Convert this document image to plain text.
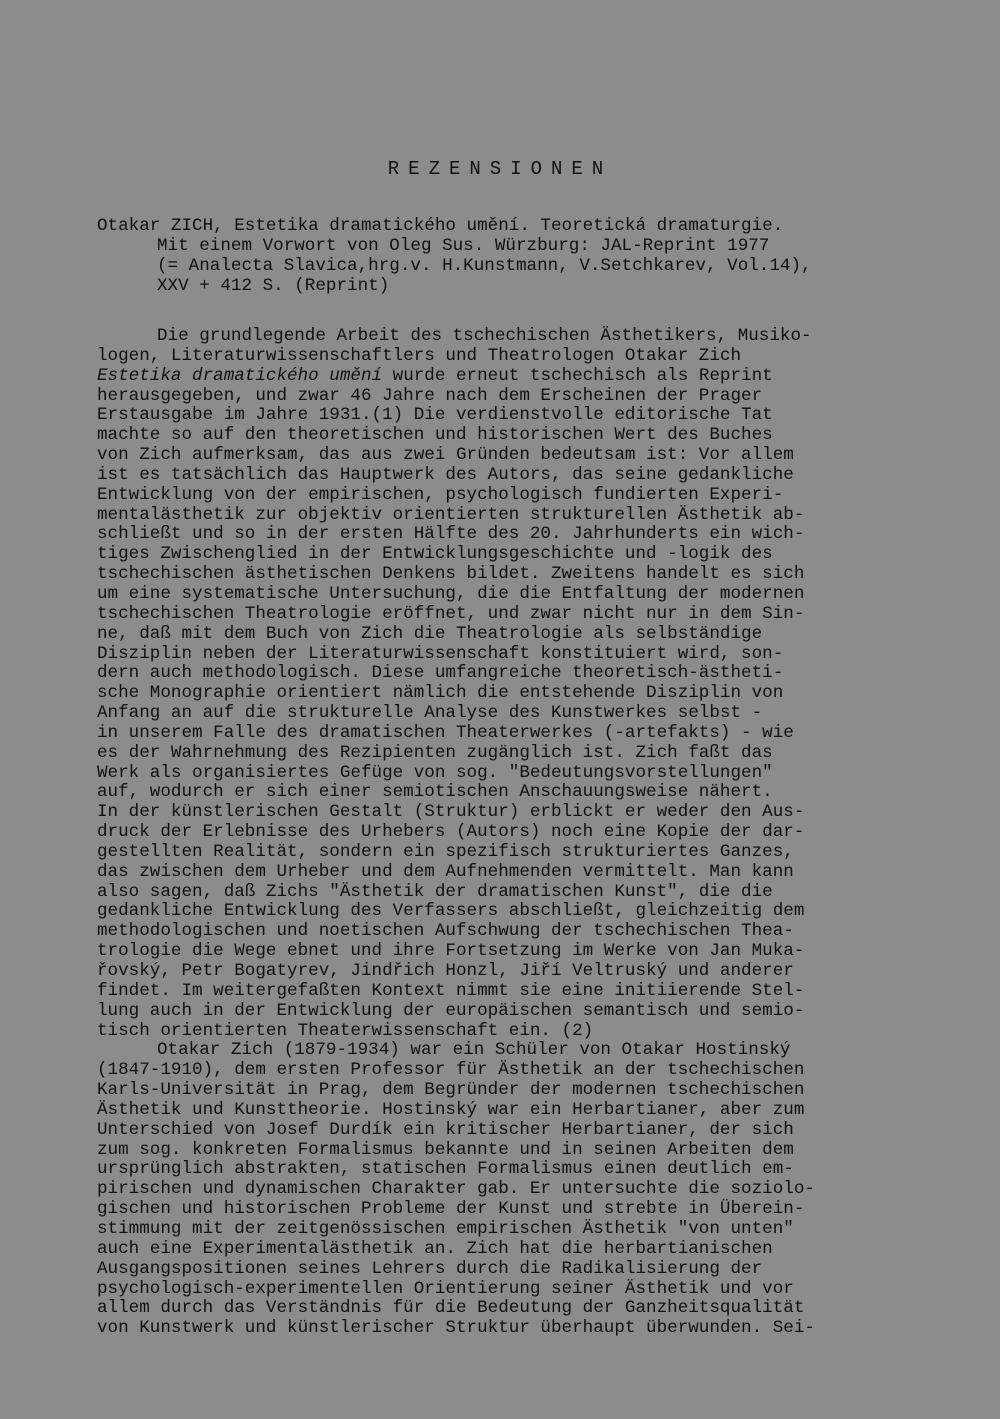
REZENSIONEN
Otakar ZICH, Estetika dramatického umění. Teoretická dramaturgie.
Mit einem Vorwort von Oleg Sus. Würzburg: JAL-Reprint 1977
(= Analecta Slavica,hrg.v. H.Kunstmann, V.Setchkarev, Vol.14),
XXV + 412 S. (Reprint)
Die grundlegende Arbeit des tschechischen Ästhetikers, Musiko-
logen, Literaturwissenschaftlers und Theatrologen Otakar Zich
Estetika dramatického umění wurde erneut tschechisch als Reprint
herausgegeben, und zwar 46 Jahre nach dem Erscheinen der Prager
Erstausgabe im Jahre 1931.(1) Die verdienstvolle editorische Tat
machte so auf den theoretischen und historischen Wert des Buches
von Zich aufmerksam, das aus zwei Gründen bedeutsam ist: Vor allem
ist es tatsächlich das Hauptwerk des Autors, das seine gedankliche
Entwicklung von der empirischen, psychologisch fundierten Experi-
mentalästhetik zur objektiv orientierten strukturellen Ästhetik ab-
schließt und so in der ersten Hälfte des 20. Jahrhunderts ein wich-
tiges Zwischenglied in der Entwicklungsgeschichte und -logik des
tschechischen ästhetischen Denkens bildet. Zweitens handelt es sich
um eine systematische Untersuchung, die die Entfaltung der modernen
tschechischen Theatrologie eröffnet, und zwar nicht nur in dem Sin-
ne, daß mit dem Buch von Zich die Theatrologie als selbständige
Disziplin neben der Literaturwissenschaft konstituiert wird, son-
dern auch methodologisch. Diese umfangreiche theoretisch-ästheti-
sche Monographie orientiert nämlich die entstehende Disziplin von
Anfang an auf die strukturelle Analyse des Kunstwerkes selbst -
in unserem Falle des dramatischen Theaterwerkes (-artefakts) - wie
es der Wahrnehmung des Rezipienten zugänglich ist. Zich faßt das
Werk als organisiertes Gefüge von sog. "Bedeutungsvorstellungen"
auf, wodurch er sich einer semiotischen Anschauungsweise nähert.
In der künstlerischen Gestalt (Struktur) erblickt er weder den Aus-
druck der Erlebnisse des Urhebers (Autors) noch eine Kopie der dar-
gestellten Realität, sondern ein spezifisch strukturiertes Ganzes,
das zwischen dem Urheber und dem Aufnehmenden vermittelt. Man kann
also sagen, daß Zichs "Ästhetik der dramatischen Kunst", die die
gedankliche Entwicklung des Verfassers abschließt, gleichzeitig dem
methodologischen und noetischen Aufschwung der tschechischen Thea-
trologie die Wege ebnet und ihre Fortsetzung im Werke von Jan Muka-
řovský, Petr Bogatyrev, Jindřich Honzl, Jiří Veltruský und anderer
findet. Im weitergefaßten Kontext nimmt sie eine initiierende Stel-
lung auch in der Entwicklung der europäischen semantisch und semio-
tisch orientierten Theaterwissenschaft ein. (2)
Otakar Zich (1879-1934) war ein Schüler von Otakar Hostinský
(1847-1910), dem ersten Professor für Ästhetik an der tschechischen
Karls-Universität in Prag, dem Begründer der modernen tschechischen
Ästhetik und Kunsttheorie. Hostinský war ein Herbartianer, aber zum
Unterschied von Josef Durdík ein kritischer Herbartianer, der sich
zum sog. konkreten Formalismus bekannte und in seinen Arbeiten dem
ursprünglich abstrakten, statischen Formalismus einen deutlich em-
pirischen und dynamischen Charakter gab. Er untersuchte die soziolo-
gischen und historischen Probleme der Kunst und strebte in Überein-
stimmung mit der zeitgenössischen empirischen Ästhetik "von unten"
auch eine Experimentalästhetik an. Zich hat die herbartianischen
Ausgangspositionen seines Lehrers durch die Radikalisierung der
psychologisch-experimentellen Orientierung seiner Ästhetik und vor
allem durch das Verständnis für die Bedeutung der Ganzheitsqualität
von Kunstwerk und künstlerischer Struktur überhaupt überwunden. Sei-
